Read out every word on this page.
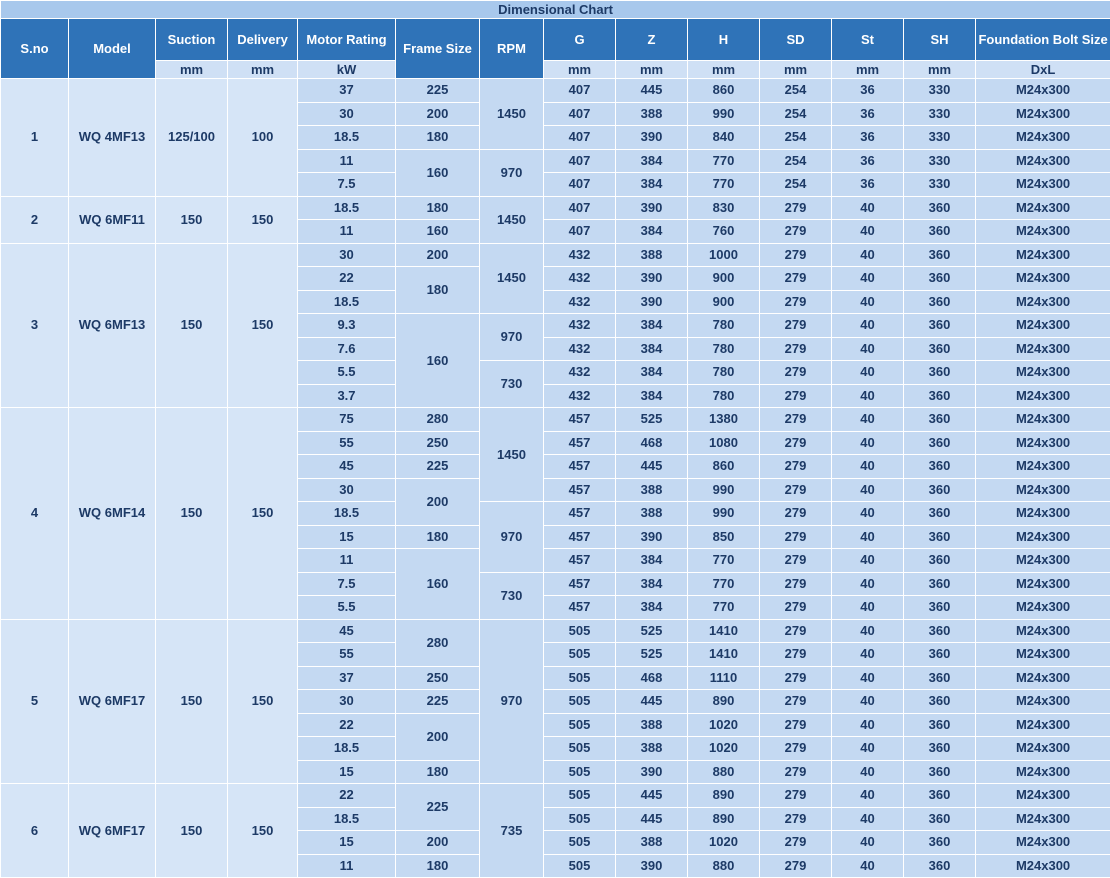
Dimensional Chart													
S.no	Model	Suction	Delivery	Motor Rating	Frame Size	RPM	G	Z	H	SD	St	SH	Foundation Bolt Size
		mm	mm	kW			mm	mm	mm	mm	mm	mm	DxL
1	WQ 4MF13	125/100	100	37	225	1450	407	445	860	254	36	330	M24x300
				30	200		407	388	990	254	36	330	M24x300
				18.5	180		407	390	840	254	36	330	M24x300
				11	160	970	407	384	770	254	36	330	M24x300
				7.5			407	384	770	254	36	330	M24x300
2	WQ 6MF11	150	150	18.5	180	1450	407	390	830	279	40	360	M24x300
				11	160		407	384	760	279	40	360	M24x300
3	WQ 6MF13	150	150	30	200	1450	432	388	1000	279	40	360	M24x300
				22	180		432	390	900	279	40	360	M24x300
				18.5			432	390	900	279	40	360	M24x300
				9.3	160	970	432	384	780	279	40	360	M24x300
				7.6			432	384	780	279	40	360	M24x300
				5.5		730	432	384	780	279	40	360	M24x300
				3.7			432	384	780	279	40	360	M24x300
4	WQ 6MF14	150	150	75	280	1450	457	525	1380	279	40	360	M24x300
				55	250		457	468	1080	279	40	360	M24x300
				45	225		457	445	860	279	40	360	M24x300
				30	200		457	388	990	279	40	360	M24x300
				18.5		970	457	388	990	279	40	360	M24x300
				15	180		457	390	850	279	40	360	M24x300
				11	160		457	384	770	279	40	360	M24x300
				7.5		730	457	384	770	279	40	360	M24x300
				5.5			457	384	770	279	40	360	M24x300
5	WQ 6MF17	150	150	45	280	970	505	525	1410	279	40	360	M24x300
				55			505	525	1410	279	40	360	M24x300
				37	250		505	468	1110	279	40	360	M24x300
				30	225		505	445	890	279	40	360	M24x300
				22	200		505	388	1020	279	40	360	M24x300
				18.5			505	388	1020	279	40	360	M24x300
				15	180		505	390	880	279	40	360	M24x300
6	WQ 6MF17	150	150	22	225	735	505	445	890	279	40	360	M24x300
				18.5			505	445	890	279	40	360	M24x300
				15	200		505	388	1020	279	40	360	M24x300
				11	180		505	390	880	279	40	360	M24x300
